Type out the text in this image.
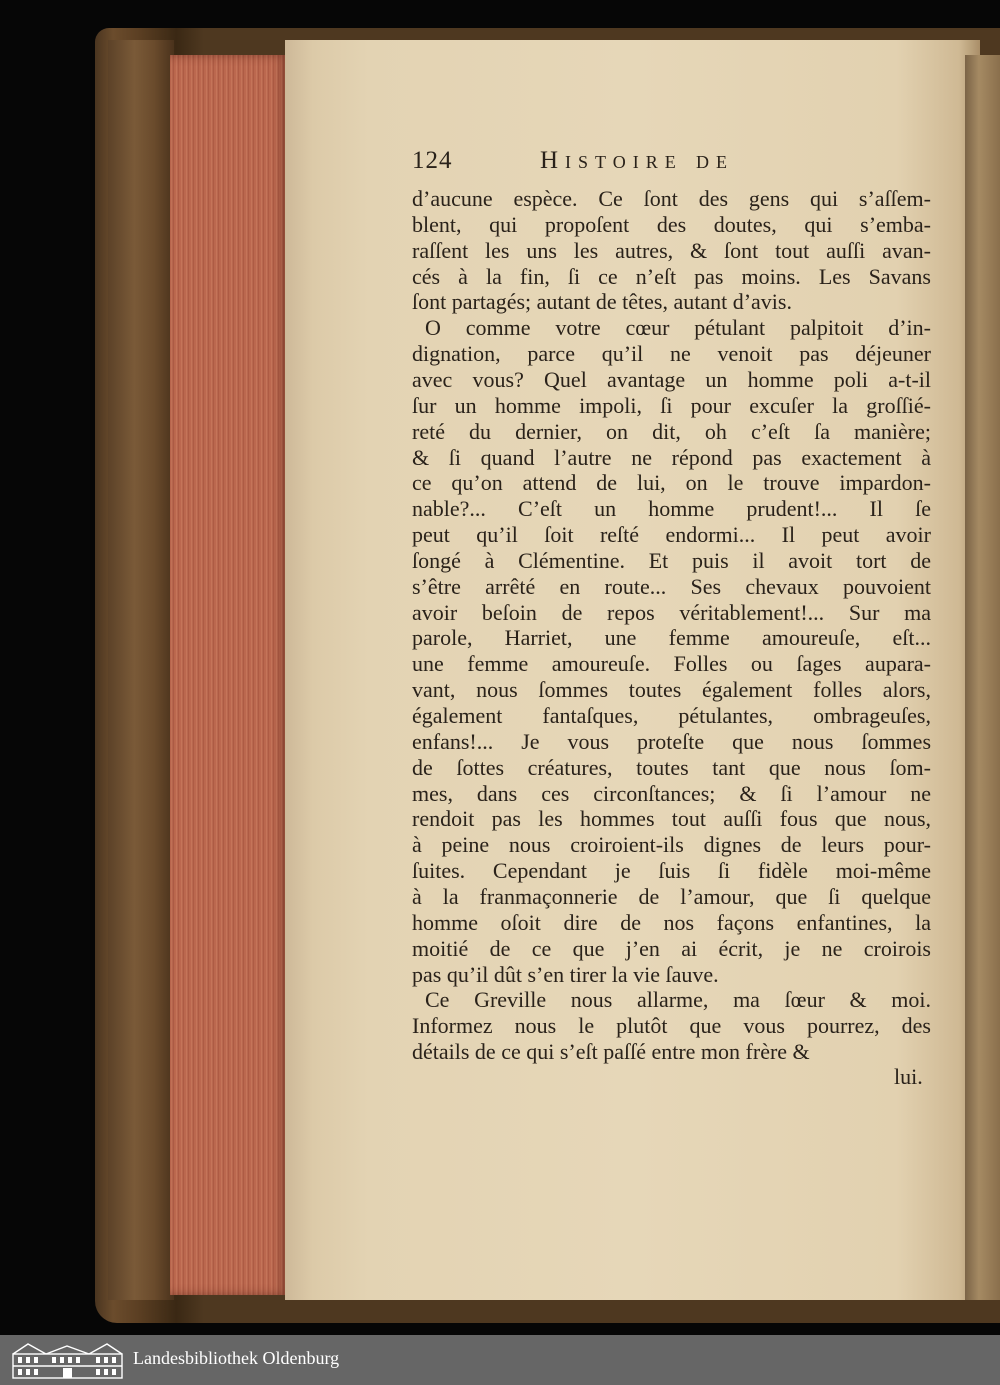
124	Histoire de
d’aucune espèce. Ce ſont des gens qui s’aſſem-
blent, qui propoſent des doutes, qui s’emba-
raſſent les uns les autres, & ſont tout auſſi avan-
cés à la fin, ſi ce n’eſt pas moins. Les Savans
ſont partagés; autant de têtes, autant d’avis.
O comme votre cœur pétulant palpitoit d’in-
dignation, parce qu’il ne venoit pas déjeuner
avec vous? Quel avantage un homme poli a-t-il
ſur un homme impoli, ſi pour excuſer la groſſié-
reté du dernier, on dit, oh c’eſt ſa manière;
& ſi quand l’autre ne répond pas exactement à
ce qu’on attend de lui, on le trouve impardon-
nable?... C’eſt un homme prudent!... Il ſe
peut qu’il ſoit reſté endormi... Il peut avoir
ſongé à Clémentine. Et puis il avoit tort de
s’être arrêté en route... Ses chevaux pouvoient
avoir beſoin de repos véritablement!... Sur ma
parole, Harriet, une femme amoureuſe, eſt...
une femme amoureuſe. Folles ou ſages aupara-
vant, nous ſommes toutes également folles alors,
également fantaſques, pétulantes, ombrageuſes,
enfans!... Je vous proteſte que nous ſommes
de ſottes créatures, toutes tant que nous ſom-
mes, dans ces circonſtances; & ſi l’amour ne
rendoit pas les hommes tout auſſi fous que nous,
à peine nous croiroient-ils dignes de leurs pour-
ſuites. Cependant je ſuis ſi fidèle moi-même
à la franmaçonnerie de l’amour, que ſi quelque
homme oſoit dire de nos façons enfantines, la
moitié de ce que j’en ai écrit, je ne croirois
pas qu’il dût s’en tirer la vie ſauve.
Ce Greville nous allarme, ma ſœur & moi.
Informez nous le plutôt que vous pourrez, des
détails de ce qui s’eſt paſſé entre mon frère &
lui.
Landesbibliothek Oldenburg
